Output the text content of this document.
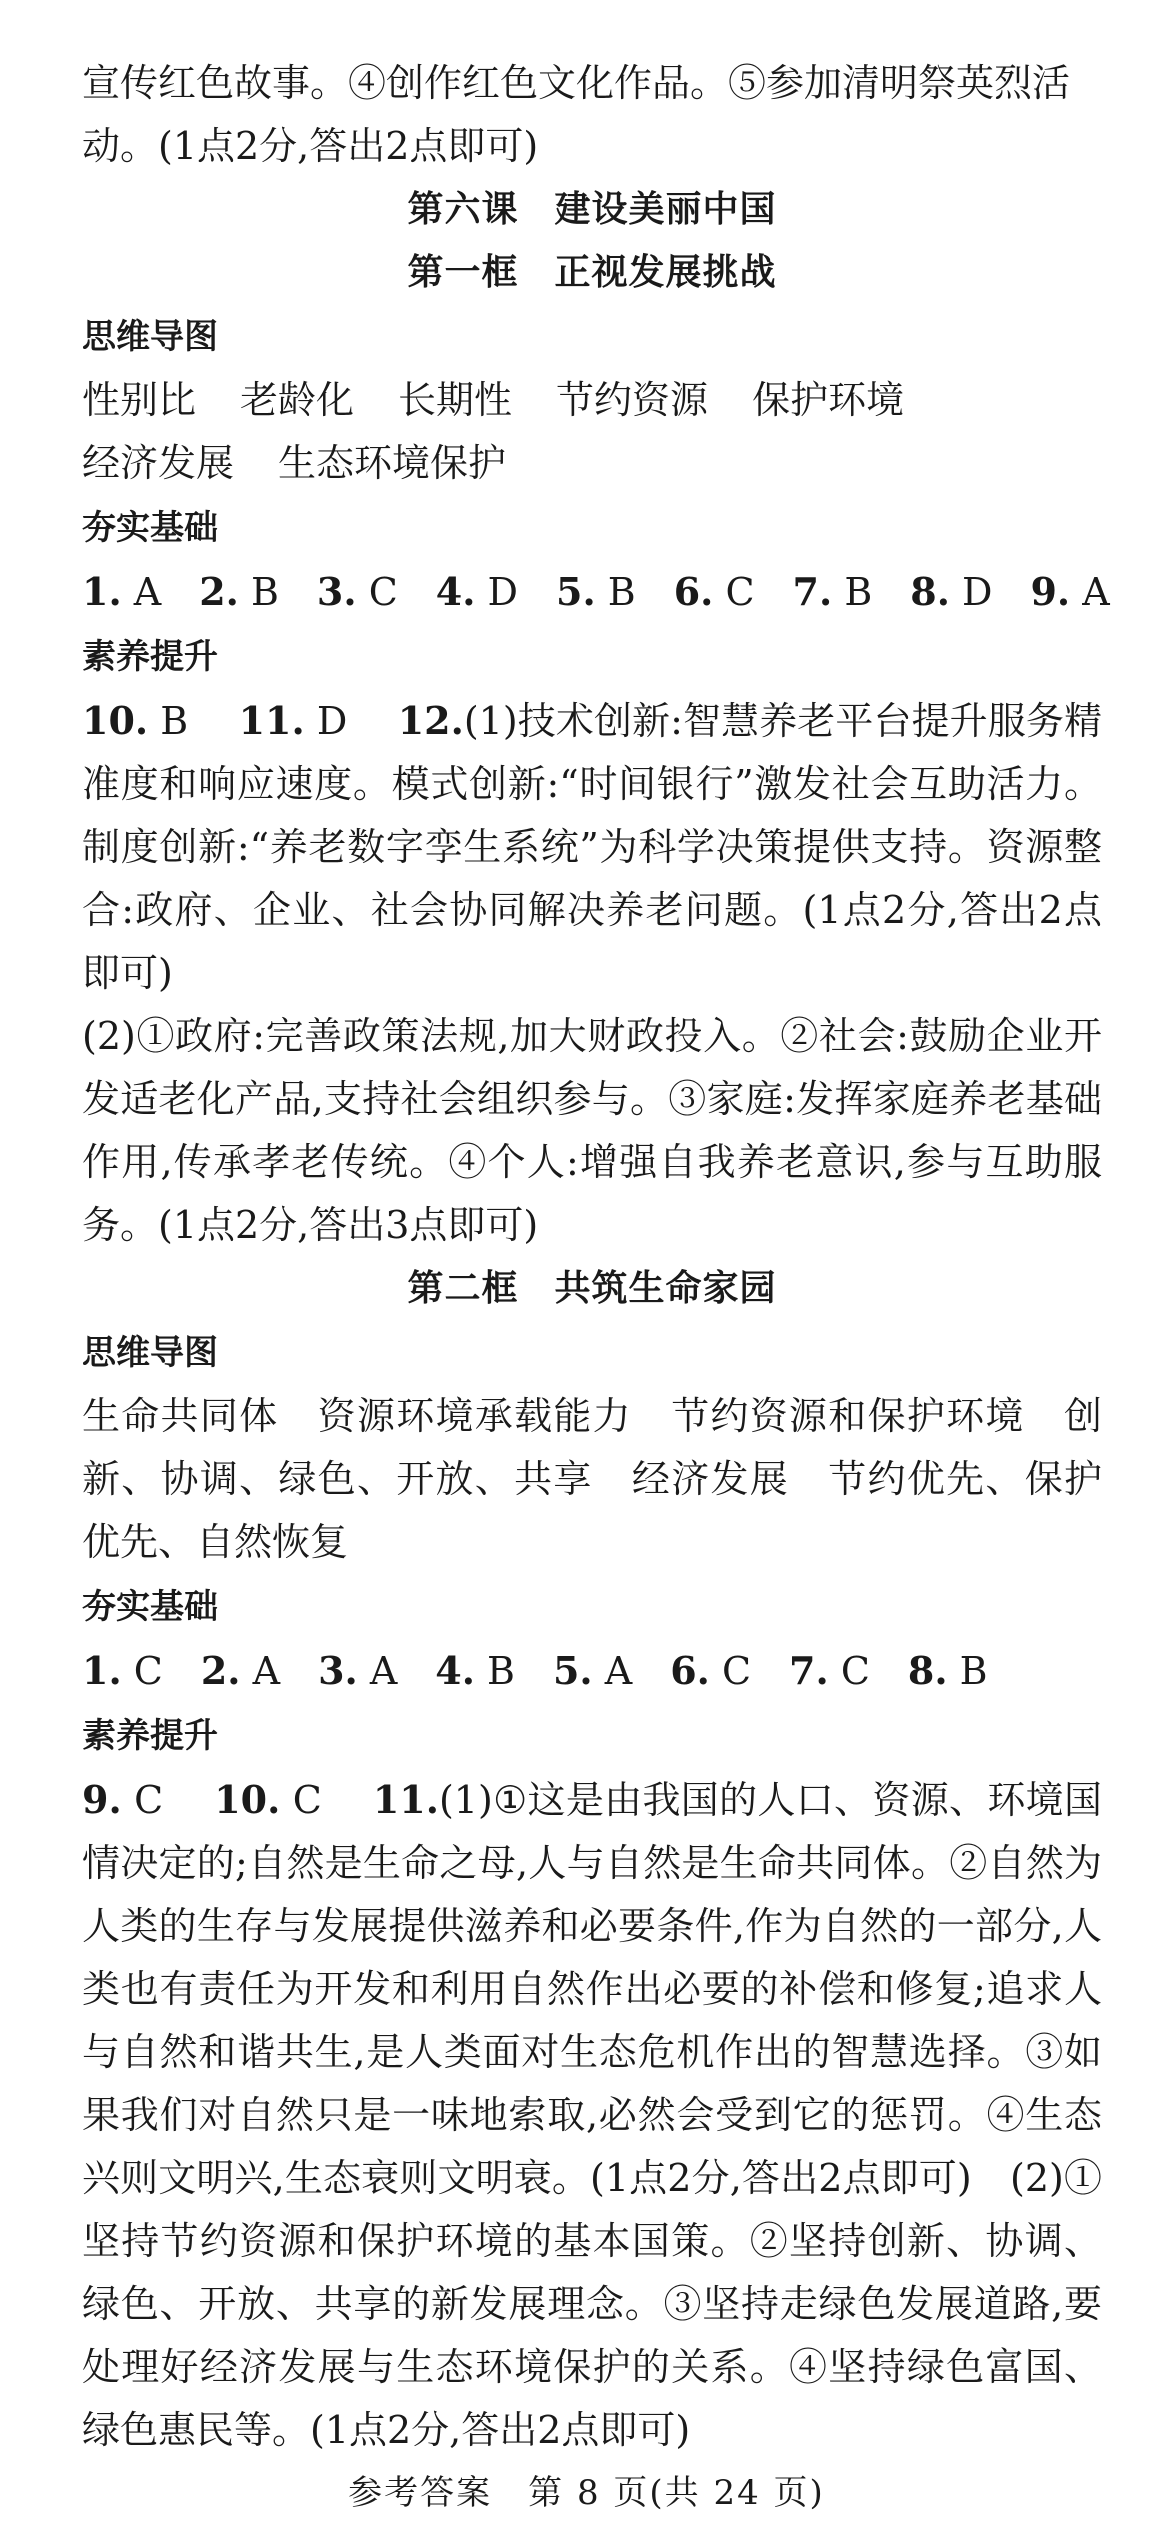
宣传红色故事。④创作红色文化作品。⑤参加清明祭英烈活

动。(1点2分,答出2点即可)

第六课 建设美丽中国

第一框 正视发展挑战

思维导图

性别比 老龄化 长期性 节约资源 保护环境经济发展 生态环境保护

夯实基础

1. A 2. B 3. C 4. D 5. B 6. C 7. B 8. D 9. A

素养提升

10. B　 11. D　 12.(1)技术创新:智慧养老平台提升服务精准度和响应速度。模式创新:“时间银行”激发社会互助活力。制度创新:“养老数字孪生系统”为科学决策提供支持。资源整合:政府、企业、社会协同解决养老问题。(1点2分,答出2点即可)

(2)①政府:完善政策法规,加大财政投入。②社会:鼓励企业开发适老化产品,支持社会组织参与。③家庭:发挥家庭养老基础作用,传承孝老传统。④个人:增强自我养老意识,参与互助服务。(1点2分,答出3点即可)

第二框 共筑生命家园

思维导图

生命共同体　资源环境承载能力　节约资源和保护环境　创新、协调、绿色、开放、共享　经济发展　节约优先、保护优先、自然恢复

夯实基础

1. C 2. A 3. A 4. B 5. A 6. C 7. C 8. B

素养提升

9. C　 10. C　 11.(1)①这是由我国的人口、资源、环境国情决定的;自然是生命之母,人与自然是生命共同体。②自然为人类的生存与发展提供滋养和必要条件,作为自然的一部分,人类也有责任为开发和利用自然作出必要的补偿和修复;追求人与自然和谐共生,是人类面对生态危机作出的智慧选择。③如果我们对自然只是一味地索取,必然会受到它的惩罚。④生态兴则文明兴,生态衰则文明衰。(1点2分,答出2点即可)　(2)①坚持节约资源和保护环境的基本国策。②坚持创新、协调、绿色、开放、共享的新发展理念。③坚持走绿色发展道路,要处理好经济发展与生态环境保护的关系。④坚持绿色富国、绿色惠民等。(1点2分,答出2点即可)

参考答案　第 8 页(共 24 页)
